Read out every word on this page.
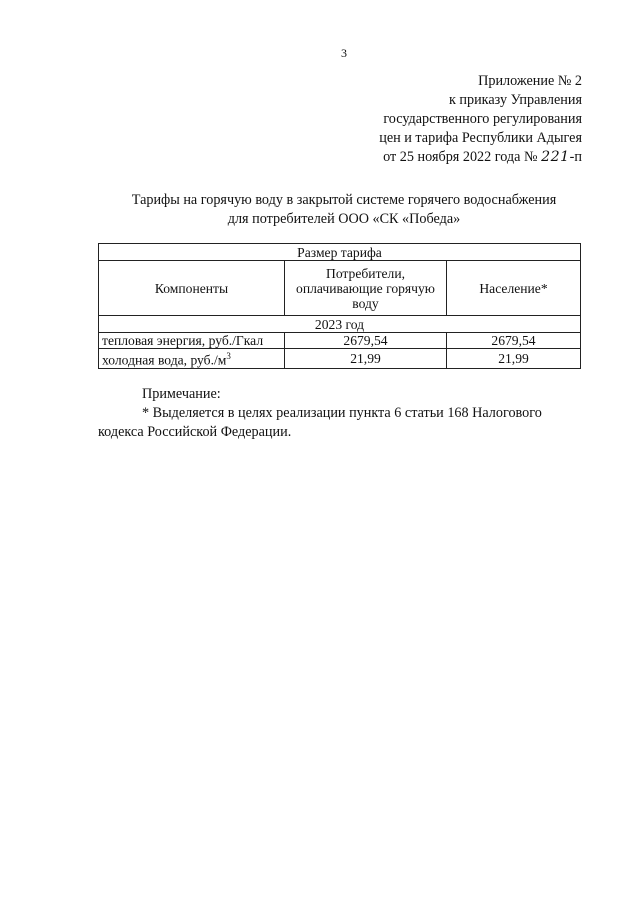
3
Приложение № 2
к приказу Управления
государственного регулирования
цен и тарифа Республики Адыгея
от 25 ноября 2022 года № 221-п
Тарифы на горячую воду в закрытой системе горячего водоснабжения
для потребителей ООО «СК «Победа»
Размер тарифа		
Компоненты	Потребители, оплачивающие горячую воду	Население*
2023 год		
тепловая энергия, руб./Гкал	2679,54	2679,54
холодная вода, $руб./м^3$	21,99	21,99
Примечание:
* Выделяется в целях реализации пункта 6 статьи 168 Налогового
кодекса Российской Федерации.
